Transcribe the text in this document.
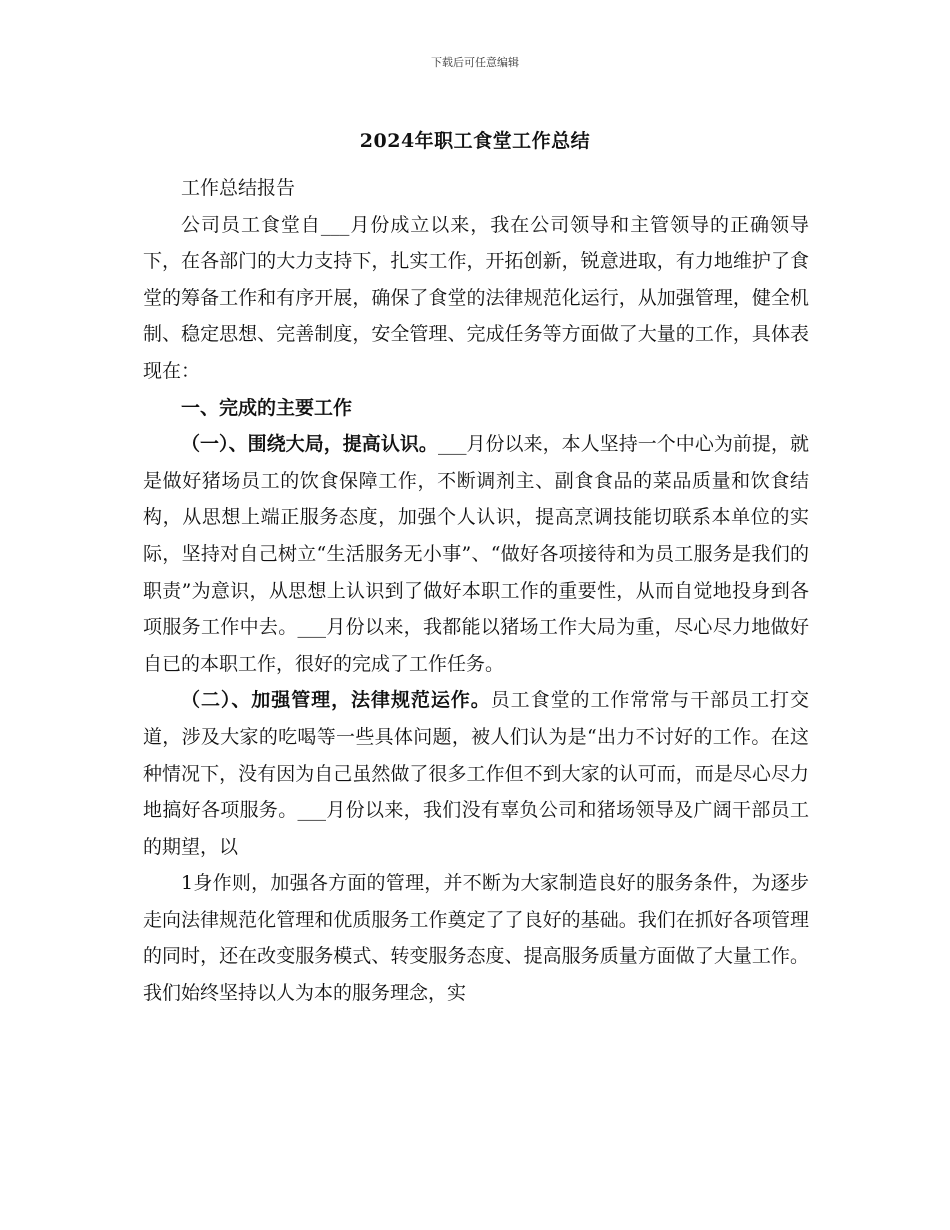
下载后可任意编辑
2024年职工食堂工作总结

工作总结报告

公司员工食堂自___月份成立以来，我在公司领导和主管领导的正确领导下，在各部门的大力支持下，扎实工作，开拓创新，锐意进取，有力地维护了食堂的筹备工作和有序开展，确保了食堂的法律规范化运行，从加强管理，健全机制、稳定思想、完善制度，安全管理、完成任务等方面做了大量的工作，具体表现在：

一、完成的主要工作

（一）、围绕大局，提高认识。___月份以来，本人坚持一个中心为前提，就是做好猪场员工的饮食保障工作，不断调剂主、副食食品的菜品质量和饮食结构，从思想上端正服务态度，加强个人认识，提高烹调技能切联系本单位的实际，坚持对自己树立“生活服务无小事”、“做好各项接待和为员工服务是我们的职责”为意识，从思想上认识到了做好本职工作的重要性，从而自觉地投身到各项服务工作中去。___月份以来，我都能以猪场工作大局为重，尽心尽力地做好自已的本职工作，很好的完成了工作任务。

（二）、加强管理，法律规范运作。员工食堂的工作常常与干部员工打交道，涉及大家的吃喝等一些具体问题，被人们认为是“出力不讨好的工作。在这种情况下，没有因为自己虽然做了很多工作但不到大家的认可而，而是尽心尽力地搞好各项服务。___月份以来，我们没有辜负公司和猪场领导及广阔干部员工的期望，以

1身作则，加强各方面的管理，并不断为大家制造良好的服务条件，为逐步走向法律规范化管理和优质服务工作奠定了了良好的基础。我们在抓好各项管理的同时，还在改变服务模式、转变服务态度、提高服务质量方面做了大量工作。我们始终坚持以人为本的服务理念，实
